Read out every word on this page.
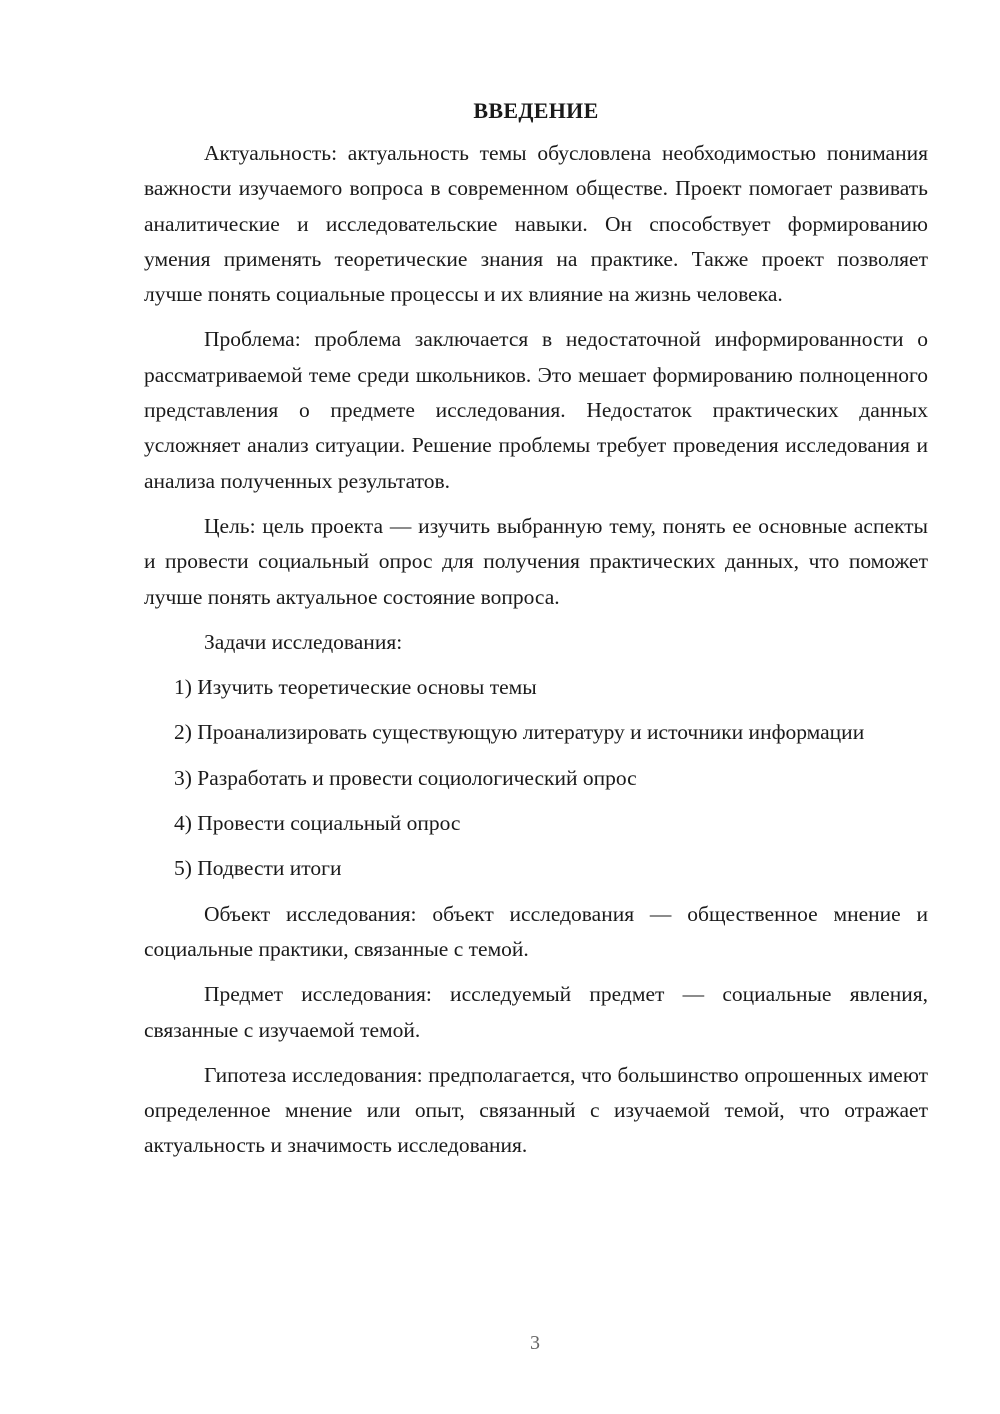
ВВЕДЕНИЕ

Актуальность: актуальность темы обусловлена необходимостью понимания важности изучаемого вопроса в современном обществе. Проект помогает развивать аналитические и исследовательские навыки. Он способствует формированию умения применять теоретические знания на практике. Также проект позволяет лучше понять социальные процессы и их влияние на жизнь человека.

Проблема: проблема заключается в недостаточной информированности о рассматриваемой теме среди школьников. Это мешает формированию полноценного представления о предмете исследования. Недостаток практических данных усложняет анализ ситуации. Решение проблемы требует проведения исследования и анализа полученных результатов.

Цель: цель проекта — изучить выбранную тему, понять ее основные аспекты и провести социальный опрос для получения практических данных, что поможет лучше понять актуальное состояние вопроса.

Задачи исследования:

1) Изучить теоретические основы темы

2) Проанализировать существующую литературу и источники информации

3) Разработать и провести социологический опрос

4) Провести социальный опрос

5) Подвести итоги

Объект исследования: объект исследования — общественное мнение и социальные практики, связанные с темой.

Предмет исследования: исследуемый предмет — социальные явления, связанные с изучаемой темой.

Гипотеза исследования: предполагается, что большинство опрошенных имеют определенное мнение или опыт, связанный с изучаемой темой, что отражает актуальность и значимость исследования.

3
